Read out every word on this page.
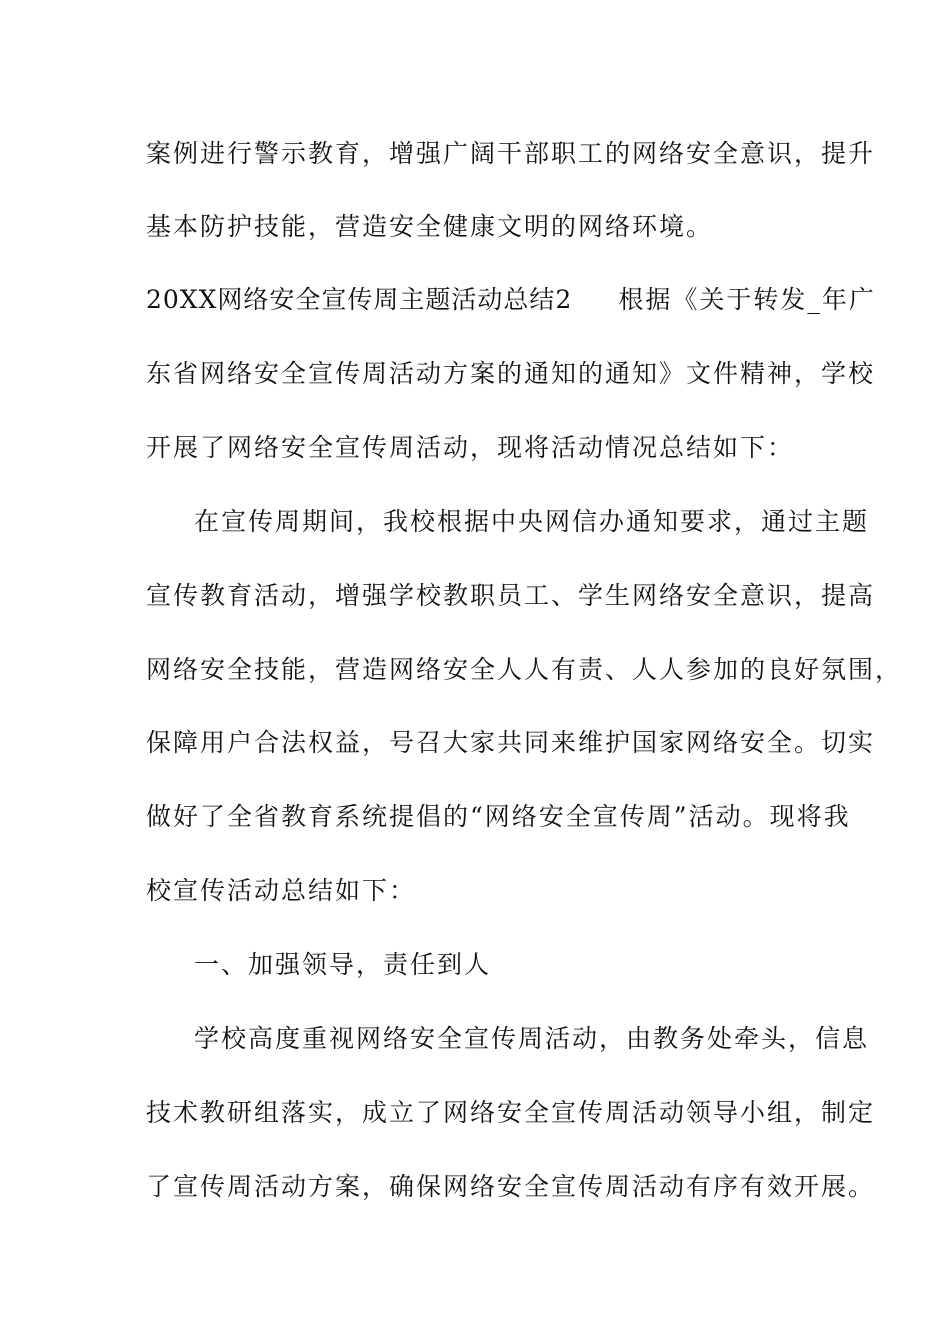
案例进行警示教育，增强广阔干部职工的网络安全意识，提升
基本防护技能，营造安全健康文明的网络环境。
20XX网络安全宣传周主题活动总结2 根据《关于转发_年广
东省网络安全宣传周活动方案的通知的通知》文件精神，学校
开展了网络安全宣传周活动，现将活动情况总结如下：
在宣传周期间，我校根据中央网信办通知要求，通过主题
宣传教育活动，增强学校教职员工、学生网络安全意识，提高
网络安全技能，营造网络安全人人有责、人人参加的良好氛围，
保障用户合法权益，号召大家共同来维护国家网络安全。切实
做好了全省教育系统提倡的“网络安全宣传周”活动。现将我
校宣传活动总结如下：
一、加强领导，责任到人
学校高度重视网络安全宣传周活动，由教务处牵头，信息
技术教研组落实，成立了网络安全宣传周活动领导小组，制定
了宣传周活动方案，确保网络安全宣传周活动有序有效开展。
